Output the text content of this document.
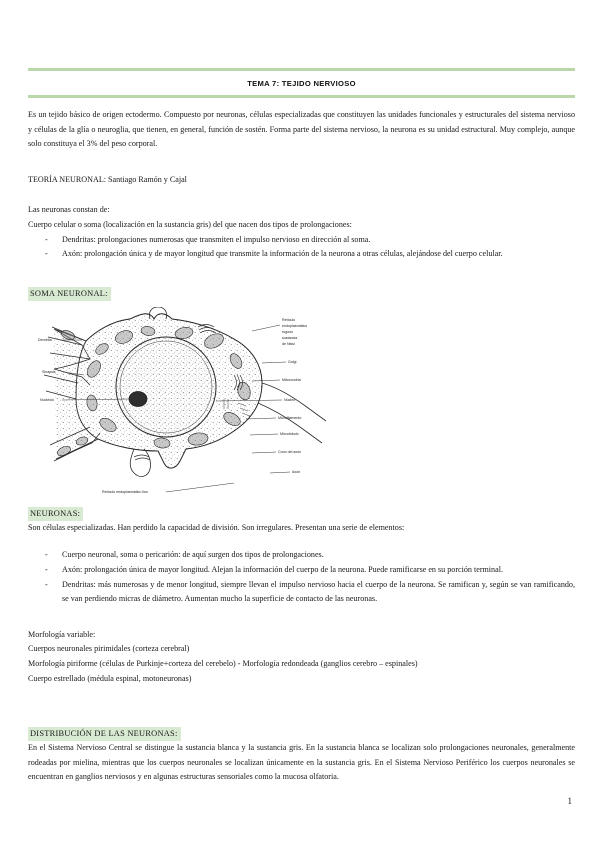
TEMA 7: TEJIDO NERVIOSO

Es un tejido básico de origen ectodermo. Compuesto por neuronas, células especializadas que constituyen las unidades funcionales y estructurales del sistema nervioso y células de la glía o neuroglia, que tienen, en general, función de sostén. Forma parte del sistema nervioso, la neurona es su unidad estructural. Muy complejo, aunque solo constituya el 3% del peso corporal.

TEORÍA NEURONAL: Santiago Ramón y Cajal
Las neuronas constan de:
Cuerpo celular o soma (localización en la sustancia gris) del que nacen dos tipos de prolongaciones:
- Dendritas: prolongaciones numerosas que transmiten el impulso nervioso en dirección al soma.
- Axón: prolongación única y de mayor longitud que transmite la información de la neurona a otras células, alejándose del cuerpo celular.
SOMA NEURONAL:
Dendrita
Sinapsis
Nucléolo
Retículo
endoplasmático
rugoso
sustancia
de Nissl
Golgi
Mitocondria
Núcleo
Microfilamento
Microtúbulo
Cono del axón
Axón
Retículo endoplasmático liso
NEURONAS:
Son células especializadas. Han perdido la capacidad de división. Son irregulares. Presentan una serie de elementos:
- Cuerpo neuronal, soma o pericarión: de aquí surgen dos tipos de prolongaciones.
- Axón: prolongación única de mayor longitud. Alejan la información del cuerpo de la neurona. Puede ramificarse en su porción terminal.
- Dendritas: más numerosas y de menor longitud, siempre llevan el impulso nervioso hacia el cuerpo de la neurona. Se ramifican y, según se van ramificando, se van perdiendo micras de diámetro. Aumentan mucho la superficie de contacto de las neuronas.
Morfología variable:
Cuerpos neuronales pirimidales (corteza cerebral)
Morfología piriforme (células de Purkinje+corteza del cerebelo) - Morfología redondeada (ganglios cerebro – espinales)
Cuerpo estrellado (médula espinal, motoneuronas)
DISTRIBUCIÓN DE LAS NEURONAS:

En el Sistema Nervioso Central se distingue la sustancia blanca y la sustancia gris. En la sustancia blanca se localizan solo prolongaciones neuronales, generalmente rodeadas por mielina, mientras que los cuerpos neuronales se localizan únicamente en la sustancia gris. En el Sistema Nervioso Periférico los cuerpos neuronales se encuentran en ganglios nerviosos y en algunas estructuras sensoriales como la mucosa olfatoria.

1
